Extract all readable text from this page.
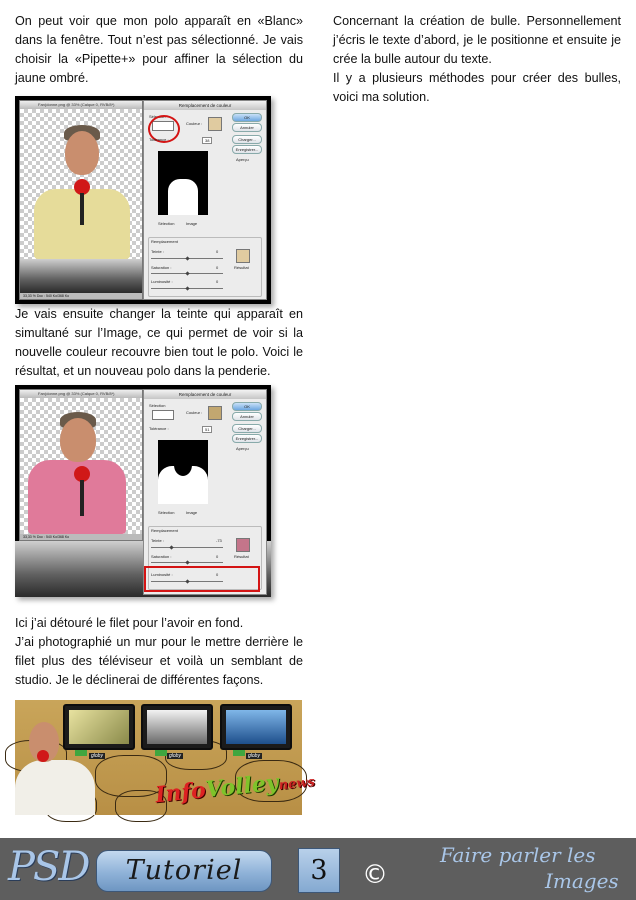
On peut voir que mon polo apparaît en «Blanc» dans la fenêtre. Tout n’est pas sélectionné. Je vais choisir la «Pipette+» pour affiner la sélection du jaune ombré.

Fan(donne.png @ 33% (Calque 0, RVB/8*)
33,33 % Doc : 540 Ko/368 Ko
Remplacement de couleur
Sélection
Couleur :
Tolérance :	38
Sélection	Image
OK
Annuler
Charger...
Enregistrer...
Aperçu
Remplacement
Teinte :	0
Saturation :	0	Résultat
Luminosité :	0

Je vais ensuite changer la teinte qui apparaît en simultané sur l’Image, ce qui permet de voir si la nouvelle couleur recouvre bien tout le polo. Voici le résultat, et un nouveau polo dans la penderie.

Fan(donne.png @ 33% (Calque 0, RVB/8*)
33,33 % Doc : 540 Ko/368 Ko
Remplacement de couleur
Sélection
Couleur :
Tolérance :	51
Sélection	Image
OK
Annuler
Charger...
Enregistrer...
Aperçu
Remplacement
Teinte :	-73
Saturation :	0	Résultat
Luminosité :	0

Ici j’ai détouré le filet pour l’avoir en fond.

J’ai photographié un mur pour le mettre derrière le filet plus des téléviseur et voilà un semblant de studio. Je le déclinerai de différentes façons.

globy	globy	globy
InfoVolleynews

Concernant la création de bulle. Personnellement j’écris le texte d’abord, je le positionne et ensuite je crée la bulle autour du texte.

Il y a plusieurs méthodes pour créer des bulles, voici ma solution.

PSD	Tutoriel	3	©
Faire parler les
Images
